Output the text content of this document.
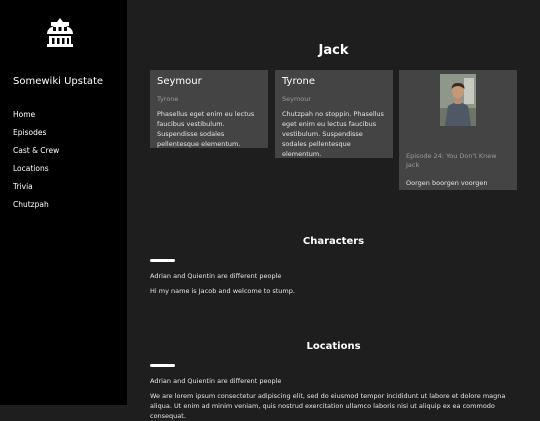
Somewiki Upstate
Home
Episodes
Cast & Crew
Locations
Trivia
Chutzpah
Jack
Seymour
Tyrone
Phasellus eget enim eu lectus faucibus vestibulum. Suspendisse sodales pellentesque elementum.
Tyrone
Seymour
Chutzpah no stoppin. Phasellus eget enim eu lectus faucibus vestibulum. Suspendisse sodales pellentesque elementum.	Episode 24: You Don't Knew Jack
Oorgen boorgen voorgen
Characters
Adrian and Quientin are different people
Hi my name is Jacob and welcome to stump.
Locations
Adrian and Quientin are different people
We are lorem ipsum consectetur adipiscing elit, sed do eiusmod tempor incididunt ut labore et dolore magna aliqua. Ut enim ad minim veniam, quis nostrud exercitation ullamco laboris nisi ut aliquip ex ea commodo consequat.
